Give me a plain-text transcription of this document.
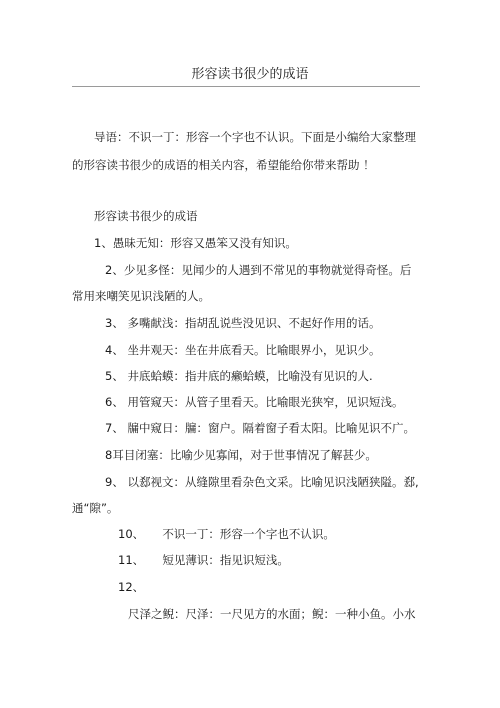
形容读书很少的成语
导语：不识一丁：形容一个字也不认识。下面是小编给大家整理
的形容读书很少的成语的相关内容，希望能给你带来帮助 ！
形容读书很少的成语
1、愚昧无知：形容又愚笨又没有知识。
2、少见多怪：见闻少的人遇到不常见的事物就觉得奇怪。后
常用来嘲笑见识浅陋的人。
3、 多嘴献浅：指胡乱说些没见识、不起好作用的话。
4、 坐井观天：坐在井底看天。比喻眼界小，见识少。
5、 井底蛤蟆：指井底的癞蛤蟆，比喻没有见识的人.
6、 用管窥天：从管子里看天。比喻眼光狭窄，见识短浅。
7、 牖中窥日：牖：窗户。隔着窗子看太阳。比喻见识不广。
8耳目闭塞：比喻少见寡闻，对于世事情况了解甚少。
9、 以郄视文：从缝隙里看杂色文采。比喻见识浅陋狭隘。郄,
通“隙”。
10、     不识一丁：形容一个字也不认识。
11、     短见薄识：指见识短浅。
12、
尺泽之鲵：尺泽：一尺见方的水面；鲵：一种小鱼。小水
